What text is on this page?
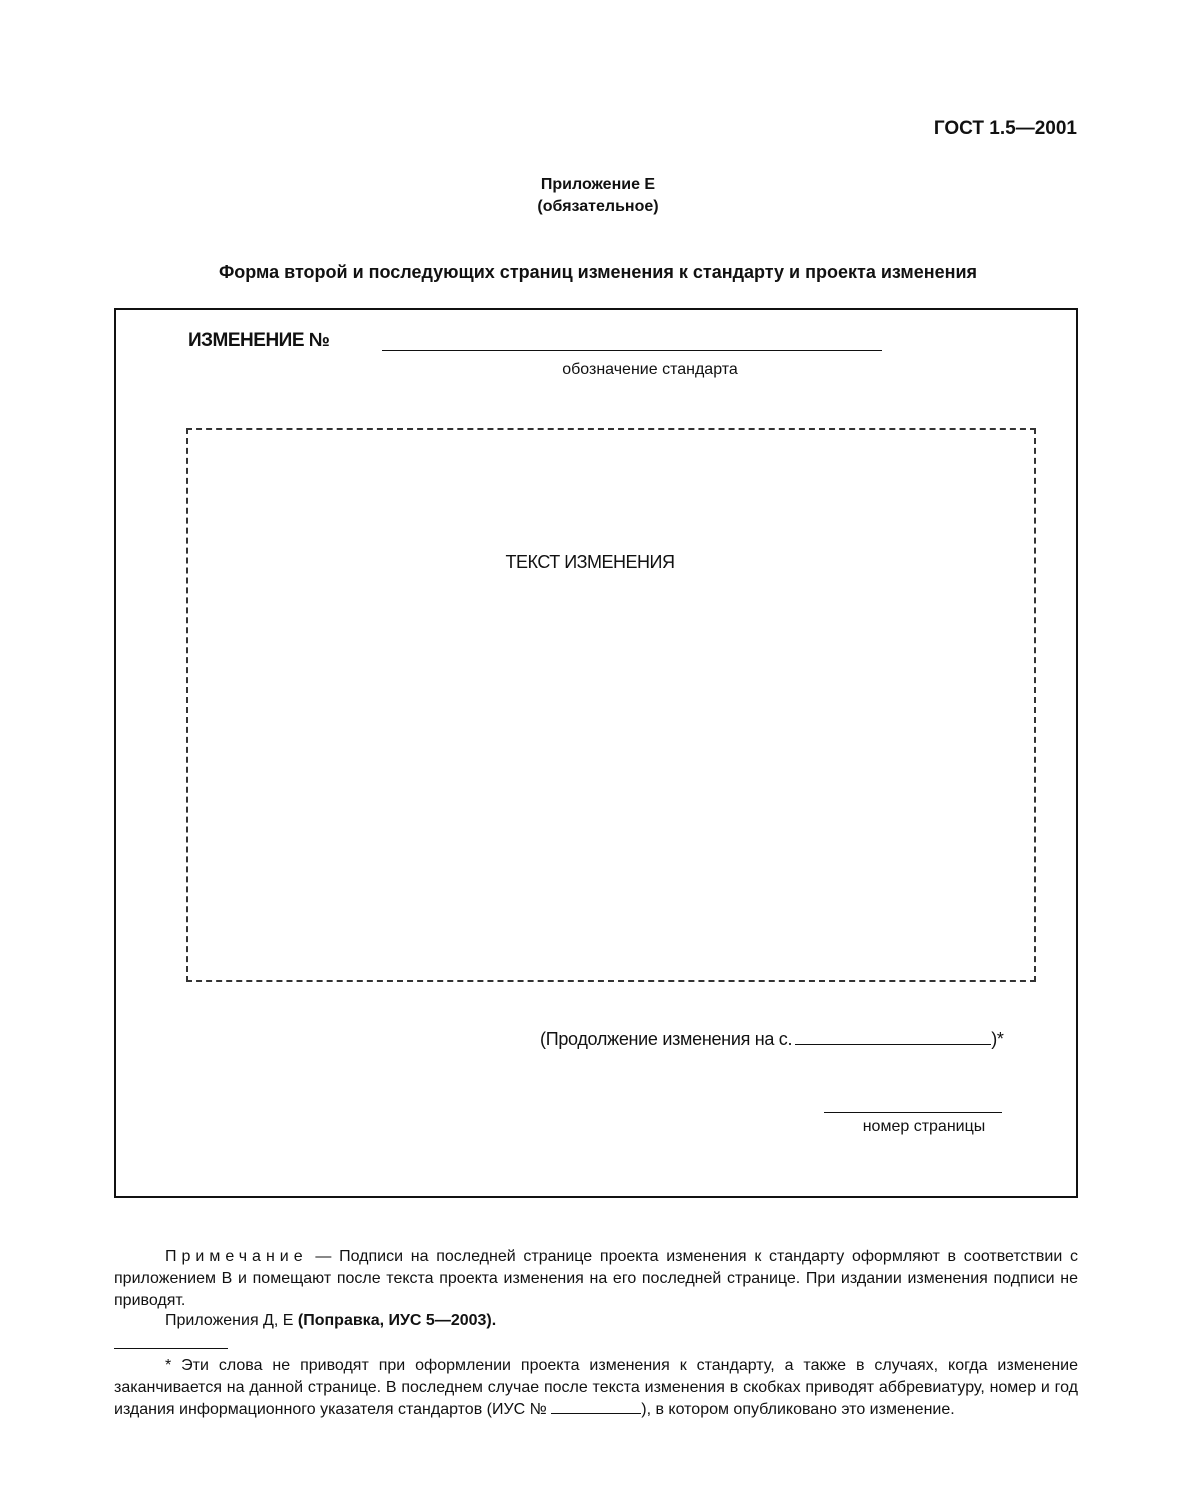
ГОСТ 1.5—2001
Приложение Е
(обязательное)
Форма второй и последующих страниц изменения к стандарту и проекта изменения
ИЗМЕНЕНИЕ №
обозначение стандарта
ТЕКСТ ИЗМЕНЕНИЯ
(Продолжение изменения на с.	)*
номер страницы
Примечание — Подписи на последней странице проекта изменения к стандарту оформляют в соответствии с приложением В и помещают после текста проекта изменения на его последней странице. При издании изменения подписи не приводят.
Приложения Д, Е (Поправка, ИУС 5—2003).
* Эти слова не приводят при оформлении проекта изменения к стандарту, а также в случаях, когда изменение заканчивается на данной странице. В последнем случае после текста изменения в скобках приводят аббревиатуру, номер и год издания информационного указателя стандартов (ИУС №	), в котором опубликовано это изменение.
